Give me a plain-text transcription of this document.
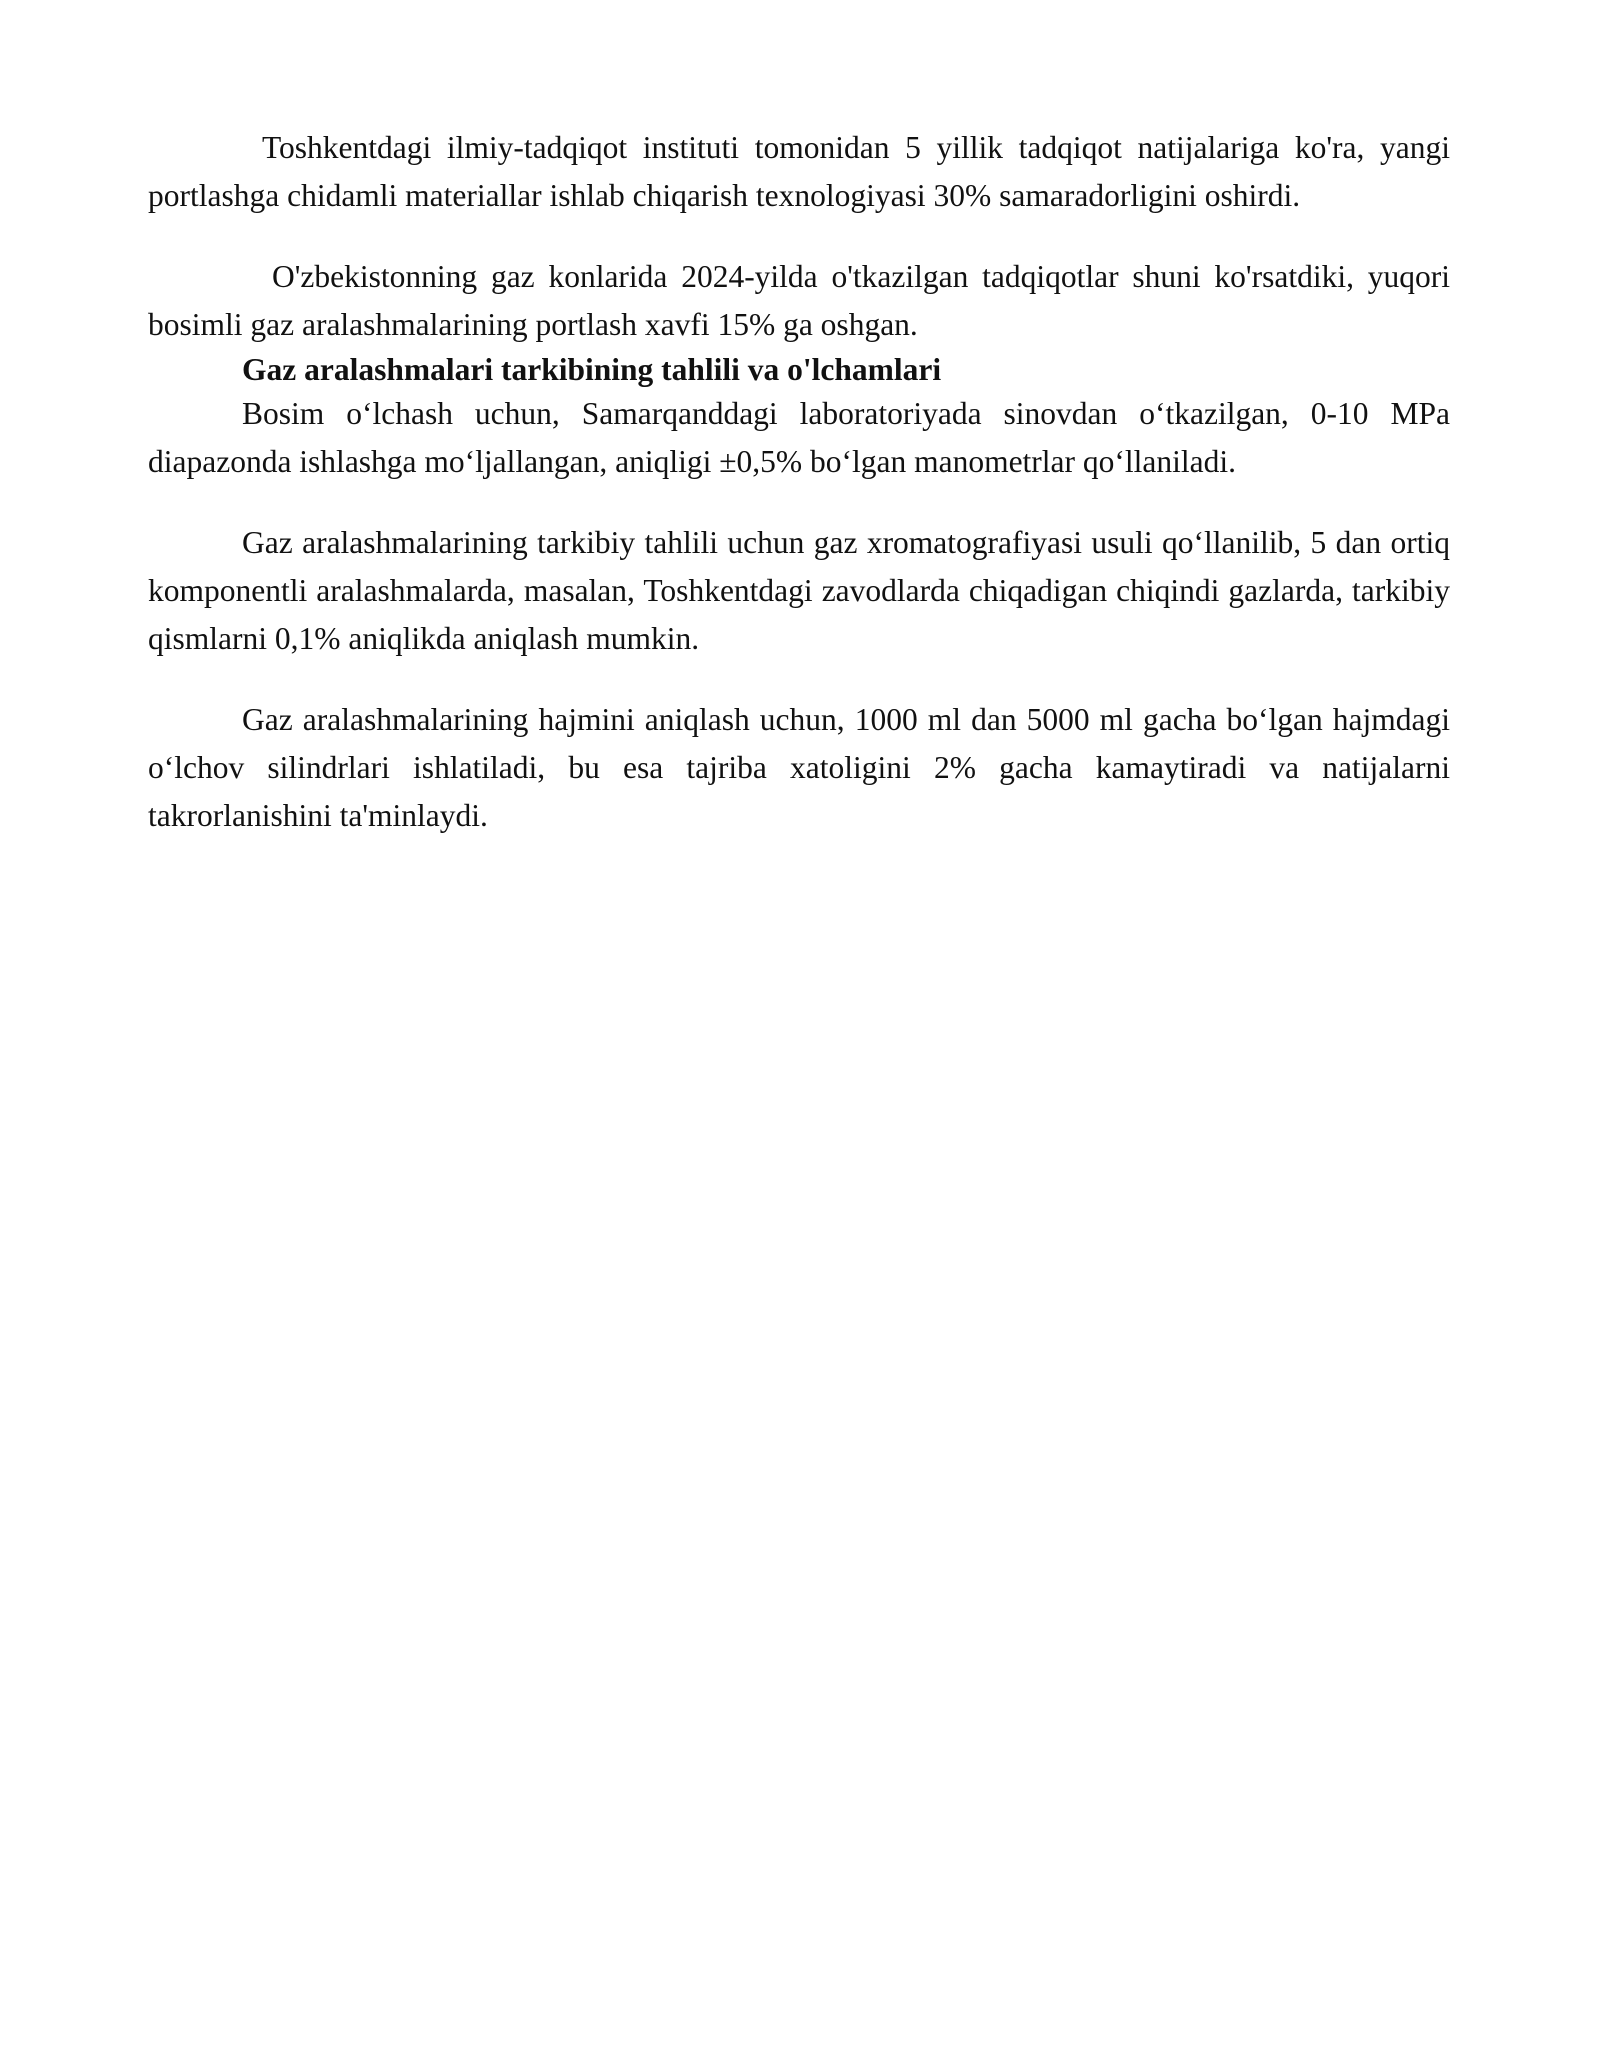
Toshkentdagi ilmiy-tadqiqot instituti tomonidan 5 yillik tadqiqot natijalariga ko'ra, yangi portlashga chidamli materiallar ishlab chiqarish texnologiyasi 30% samaradorligini oshirdi.

O'zbekistonning gaz konlarida 2024-yilda o'tkazilgan tadqiqotlar shuni ko'rsatdiki, yuqori bosimli gaz aralashmalarining portlash xavfi 15% ga oshgan.

Gaz aralashmalari tarkibining tahlili va o'lchamlari

Bosim oʻlchash uchun, Samarqanddagi laboratoriyada sinovdan oʻtkazilgan, 0-10 MPa diapazonda ishlashga moʻljallangan, aniqligi ±0,5% boʻlgan manometrlar qoʻllaniladi.

Gaz aralashmalarining tarkibiy tahlili uchun gaz xromatografiyasi usuli qoʻllanilib, 5 dan ortiq komponentli aralashmalarda, masalan, Toshkentdagi zavodlarda chiqadigan chiqindi gazlarda, tarkibiy qismlarni 0,1% aniqlikda aniqlash mumkin.

Gaz aralashmalarining hajmini aniqlash uchun, 1000 ml dan 5000 ml gacha boʻlgan hajmdagi oʻlchov silindrlari ishlatiladi, bu esa tajriba xatoligini 2% gacha kamaytiradi va natijalarni takrorlanishini ta'minlaydi.
